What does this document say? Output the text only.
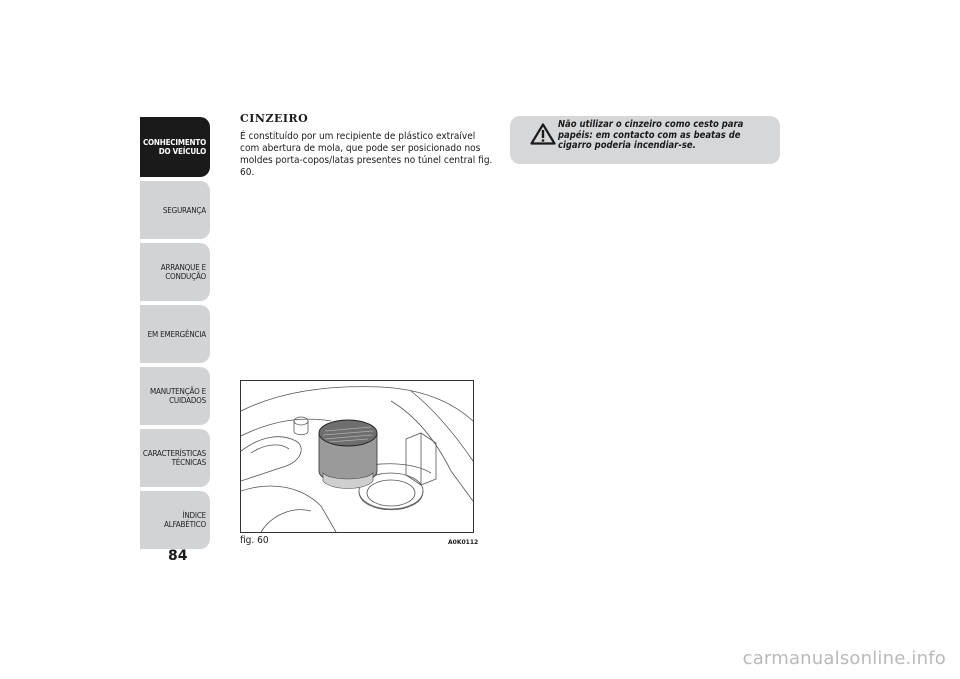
CONHECIMENTO
DO VEÍCULO
SEGURANÇA
ARRANQUE E
CONDUÇÃO
EM EMERGÊNCIA
MANUTENÇÃO E
CUIDADOS
CARACTERÍSTICAS
TÉCNICAS
ÍNDICE ALFABÉTICO
84
CINZEIRO

É constituído por um recipiente de plástico extraível com abertura de mola, que pode ser posicionado nos moldes porta-copos/latas presentes no túnel central fig. 60.

Não utilizar o cinzeiro como cesto para papéis: em contacto com as beatas de cigarro poderia incendiar-se.
fig. 60	A0K0112
carmanualsonline.info
